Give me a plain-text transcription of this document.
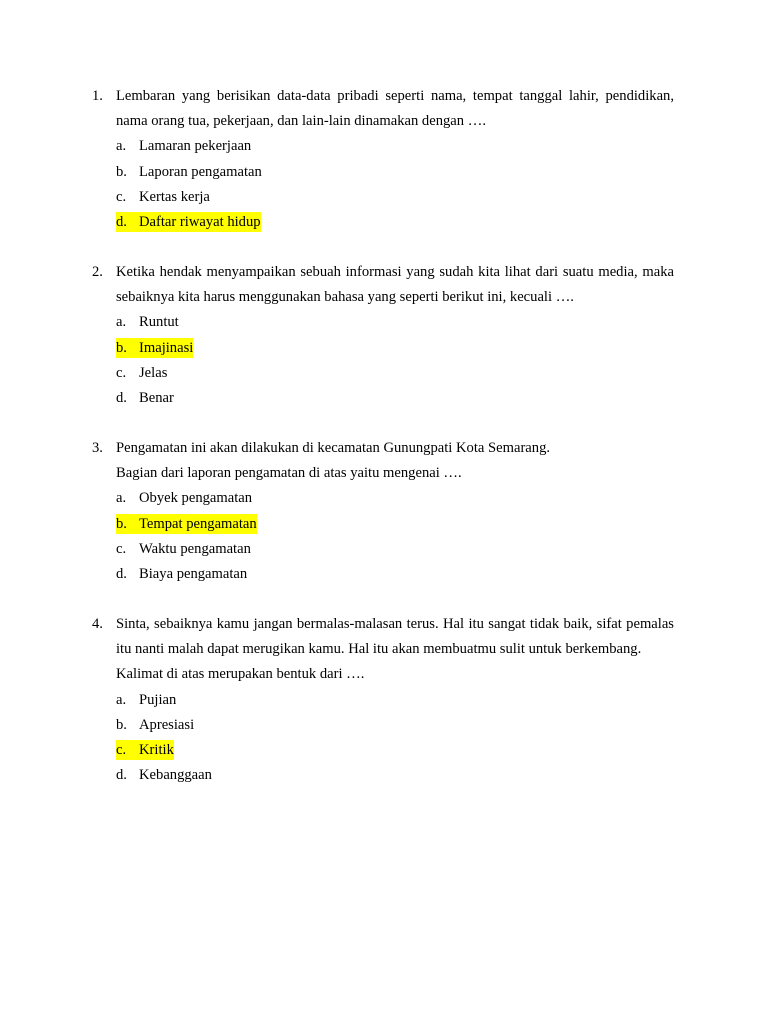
1. Lembaran yang berisikan data-data pribadi seperti nama, tempat tanggal lahir, pendidikan, nama orang tua, pekerjaan, dan lain-lain dinamakan dengan ….

a. Lamaran pekerjaan
b. Laporan pengamatan
c. Kertas kerja
d. Daftar riwayat hidup
2. Ketika hendak menyampaikan sebuah informasi yang sudah kita lihat dari suatu media, maka sebaiknya kita harus menggunakan bahasa yang seperti berikut ini, kecuali ….

a. Runtut
b. Imajinasi
c. Jelas
d. Benar
3. Pengamatan ini akan dilakukan di kecamatan Gunungpati Kota Semarang.

Bagian dari laporan pengamatan di atas yaitu mengenai ….

a. Obyek pengamatan
b. Tempat pengamatan
c. Waktu pengamatan
d. Biaya pengamatan
4. Sinta, sebaiknya kamu jangan bermalas-malasan terus. Hal itu sangat tidak baik, sifat pemalas itu nanti malah dapat merugikan kamu. Hal itu akan membuatmu sulit untuk berkembang.

Kalimat di atas merupakan bentuk dari ….

a. Pujian
b. Apresiasi
c. Kritik
d. Kebanggaan
